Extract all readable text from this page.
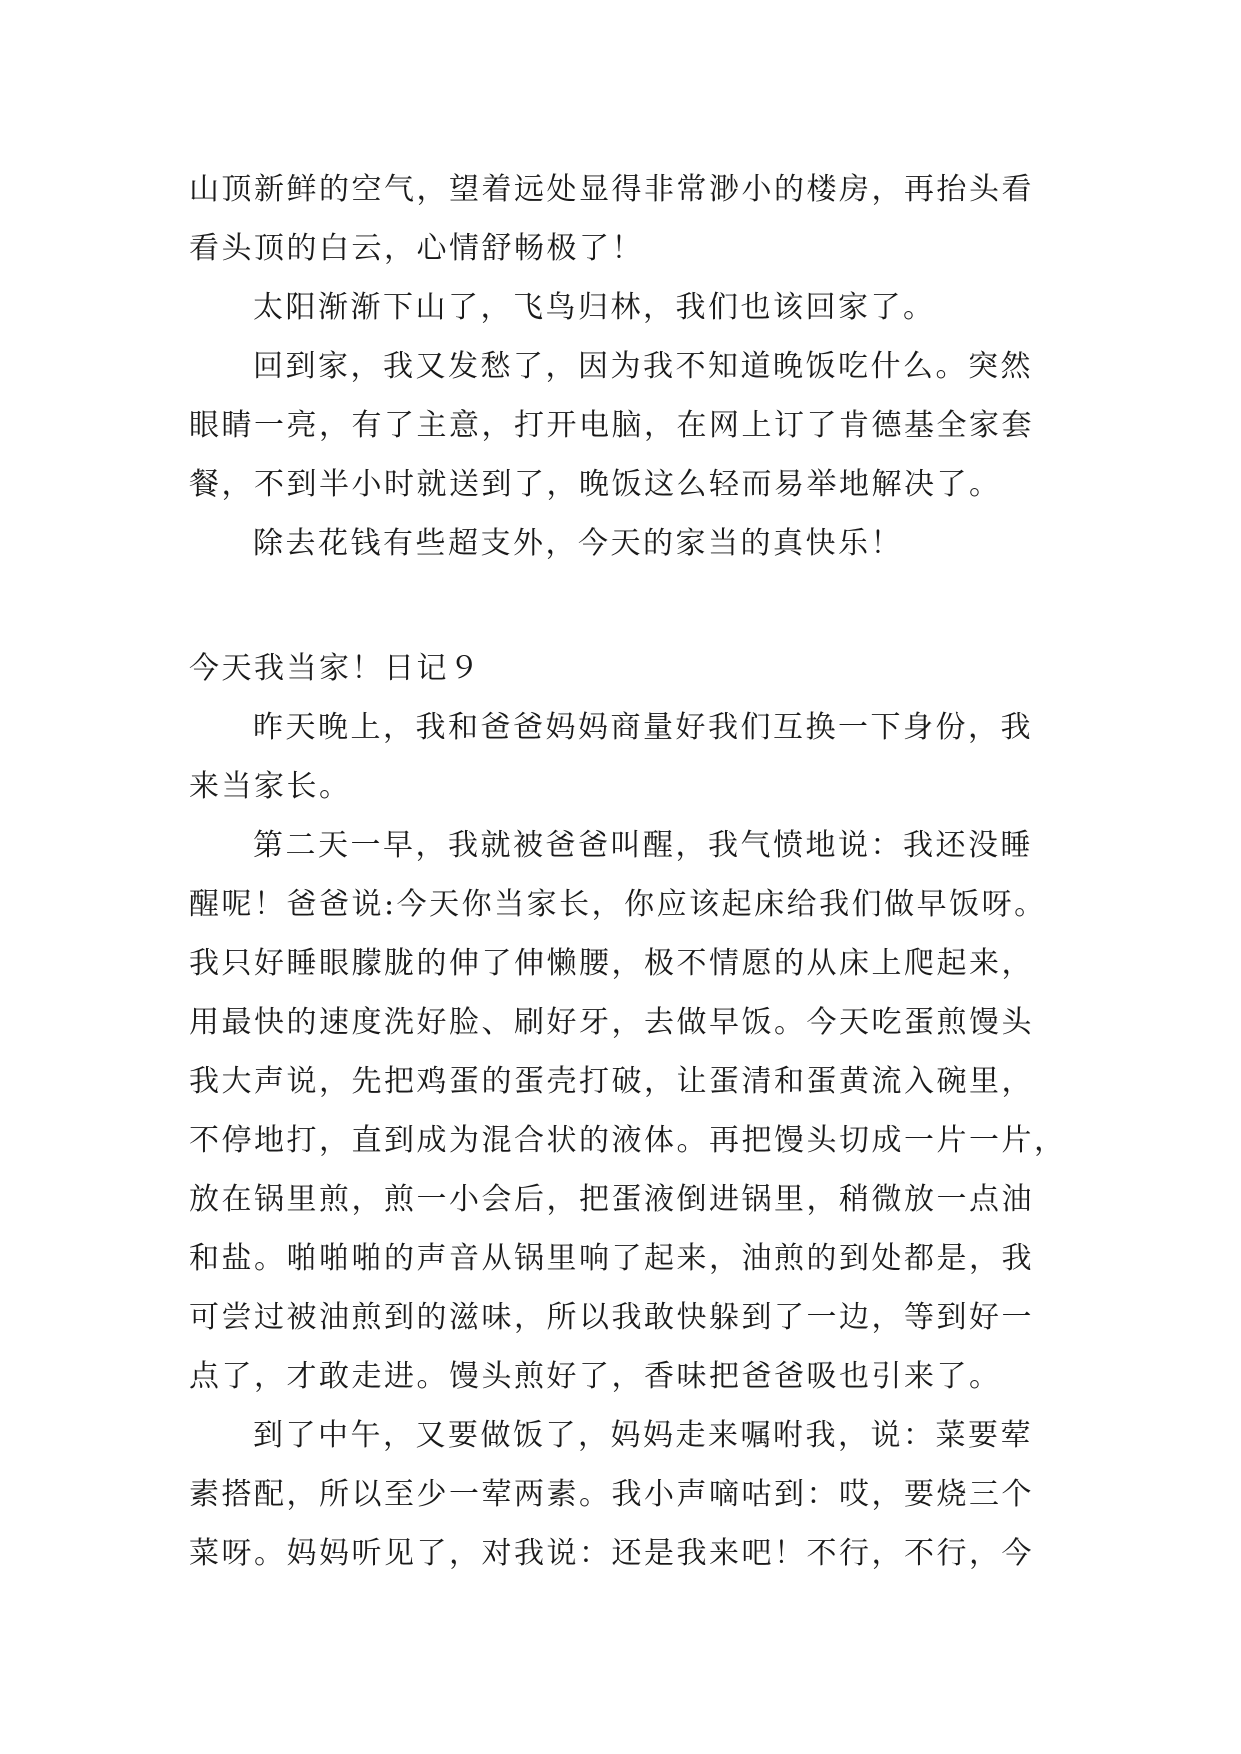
山顶新鲜的空气，望着远处显得非常渺小的楼房，再抬头看
看头顶的白云，心情舒畅极了！
太阳渐渐下山了，飞鸟归林，我们也该回家了。
回到家，我又发愁了，因为我不知道晚饭吃什么。突然
眼睛一亮，有了主意，打开电脑，在网上订了肯德基全家套
餐，不到半小时就送到了，晚饭这么轻而易举地解决了。
除去花钱有些超支外，今天的家当的真快乐！
今天我当家！日记９
昨天晚上，我和爸爸妈妈商量好我们互换一下身份，我
来当家长。
第二天一早，我就被爸爸叫醒，我气愤地说：我还没睡
醒呢！爸爸说:今天你当家长，你应该起床给我们做早饭呀。
我只好睡眼朦胧的伸了伸懒腰，极不情愿的从床上爬起来，
用最快的速度洗好脸、刷好牙，去做早饭。今天吃蛋煎馒头
我大声说，先把鸡蛋的蛋壳打破，让蛋清和蛋黄流入碗里，
不停地打，直到成为混合状的液体。再把馒头切成一片一片，
放在锅里煎，煎一小会后，把蛋液倒进锅里，稍微放一点油
和盐。啪啪啪的声音从锅里响了起来，油煎的到处都是，我
可尝过被油煎到的滋味，所以我敢快躲到了一边，等到好一
点了，才敢走进。馒头煎好了，香味把爸爸吸也引来了。
到了中午，又要做饭了，妈妈走来嘱咐我，说：菜要荤
素搭配，所以至少一荤两素。我小声嘀咕到：哎，要烧三个
菜呀。妈妈听见了，对我说：还是我来吧！不行，不行，今
